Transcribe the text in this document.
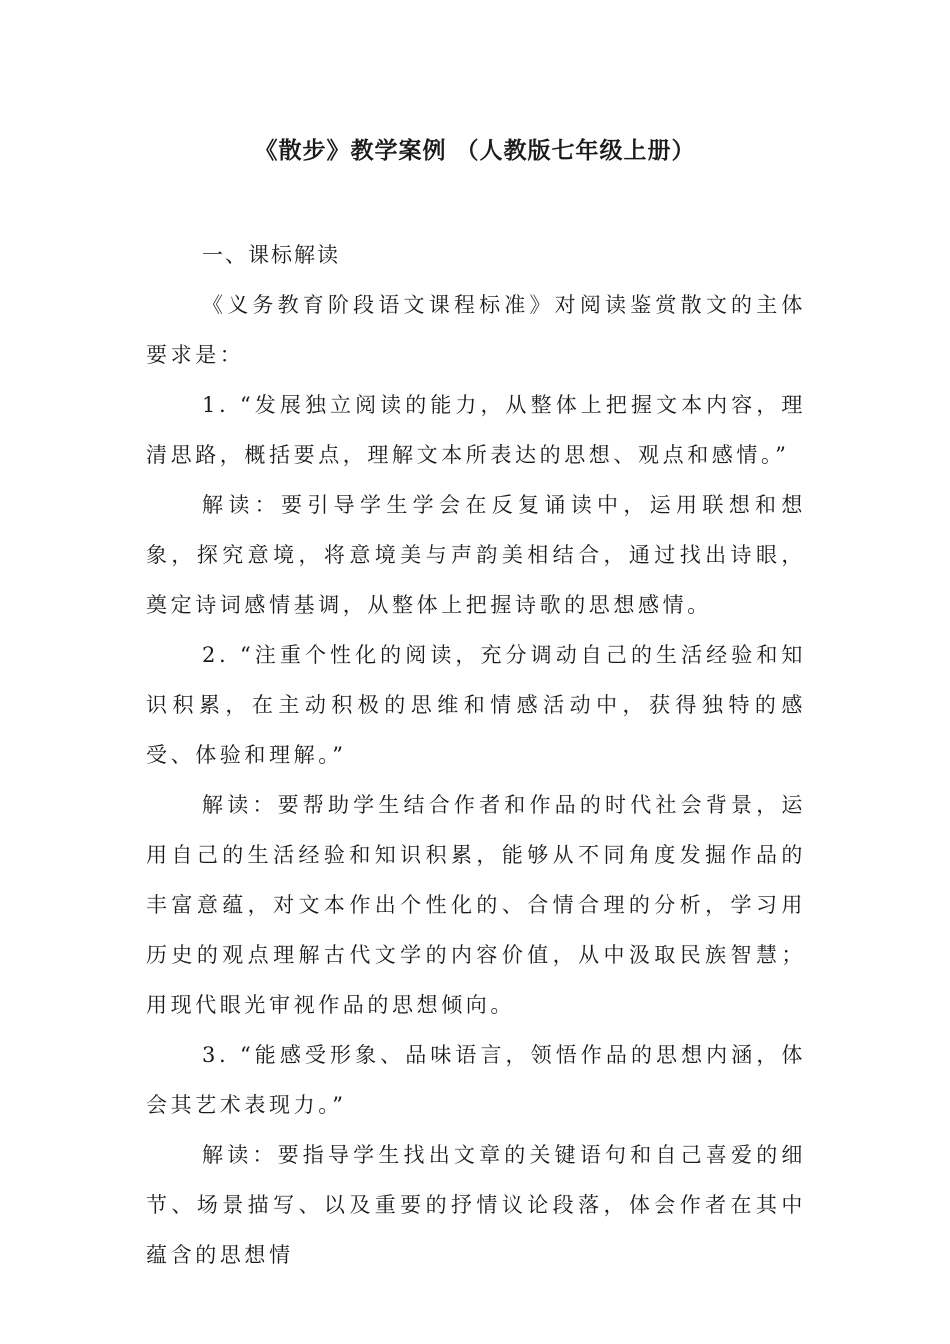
《散步》教学案例 （人教版七年级上册）

一、课标解读

《义务教育阶段语文课程标准》对阅读鉴赏散文的主体要求是：

1. “发展独立阅读的能力，从整体上把握文本内容，理清思路，概括要点，理解文本所表达的思想、观点和感情。”

解读：要引导学生学会在反复诵读中，运用联想和想象，探究意境，将意境美与声韵美相结合，通过找出诗眼，奠定诗词感情基调，从整体上把握诗歌的思想感情。

2. “注重个性化的阅读，充分调动自己的生活经验和知识积累，在主动积极的思维和情感活动中，获得独特的感受、体验和理解。”

解读：要帮助学生结合作者和作品的时代社会背景，运用自己的生活经验和知识积累，能够从不同角度发掘作品的丰富意蕴，对文本作出个性化的、合情合理的分析，学习用历史的观点理解古代文学的内容价值，从中汲取民族智慧；用现代眼光审视作品的思想倾向。

3. “能感受形象、品味语言，领悟作品的思想内涵，体会其艺术表现力。”

解读：要指导学生找出文章的关键语句和自己喜爱的细节、场景描写、以及重要的抒情议论段落，体会作者在其中蕴含的思想情
